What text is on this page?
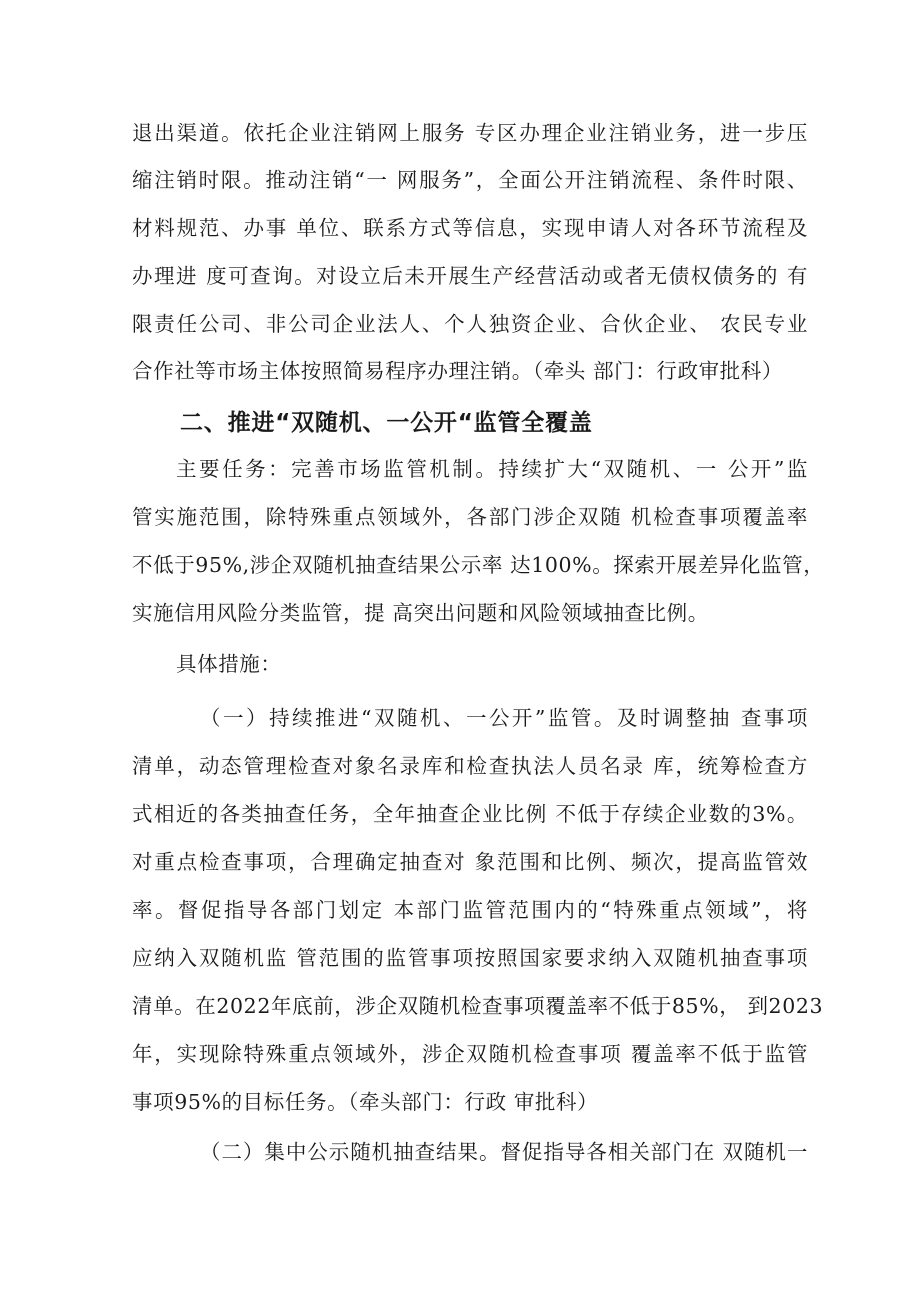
退出渠道。依托企业注销网上服务 专区办理企业注销业务，进一步压
缩注销时限。推动注销“一 网服务”，全面公开注销流程、条件时限、
材料规范、办事 单位、联系方式等信息，实现申请人对各环节流程及
办理进 度可查询。对设立后未开展生产经营活动或者无债权债务的 有
限责任公司、非公司企业法人、个人独资企业、合伙企业、 农民专业
合作社等市场主体按照简易程序办理注销。（牵头 部门：行政审批科）
二、推进“双随机、一公开“监管全覆盖
主要任务：完善市场监管机制。持续扩大“双随机、一 公开”监
管实施范围，除特殊重点领域外，各部门涉企双随 机检查事项覆盖率
不低于95%,涉企双随机抽查结果公示率 达100%。探索开展差异化监管，
实施信用风险分类监管，提 高突出问题和风险领域抽查比例。
具体措施：
（一）持续推进“双随机、一公开”监管。及时调整抽 查事项
清单，动态管理检查对象名录库和检查执法人员名录 库，统筹检查方
式相近的各类抽查任务，全年抽查企业比例 不低于存续企业数的3%。
对重点检查事项，合理确定抽查对 象范围和比例、频次，提高监管效
率。督促指导各部门划定 本部门监管范围内的“特殊重点领域”，将
应纳入双随机监 管范围的监管事项按照国家要求纳入双随机抽查事项
清单。在2022年底前，涉企双随机检查事项覆盖率不低于85%， 到2023
年，实现除特殊重点领域外，涉企双随机检查事项 覆盖率不低于监管
事项95%的目标任务。（牵头部门：行政 审批科）
（二）集中公示随机抽查结果。督促指导各相关部门在 双随机一
